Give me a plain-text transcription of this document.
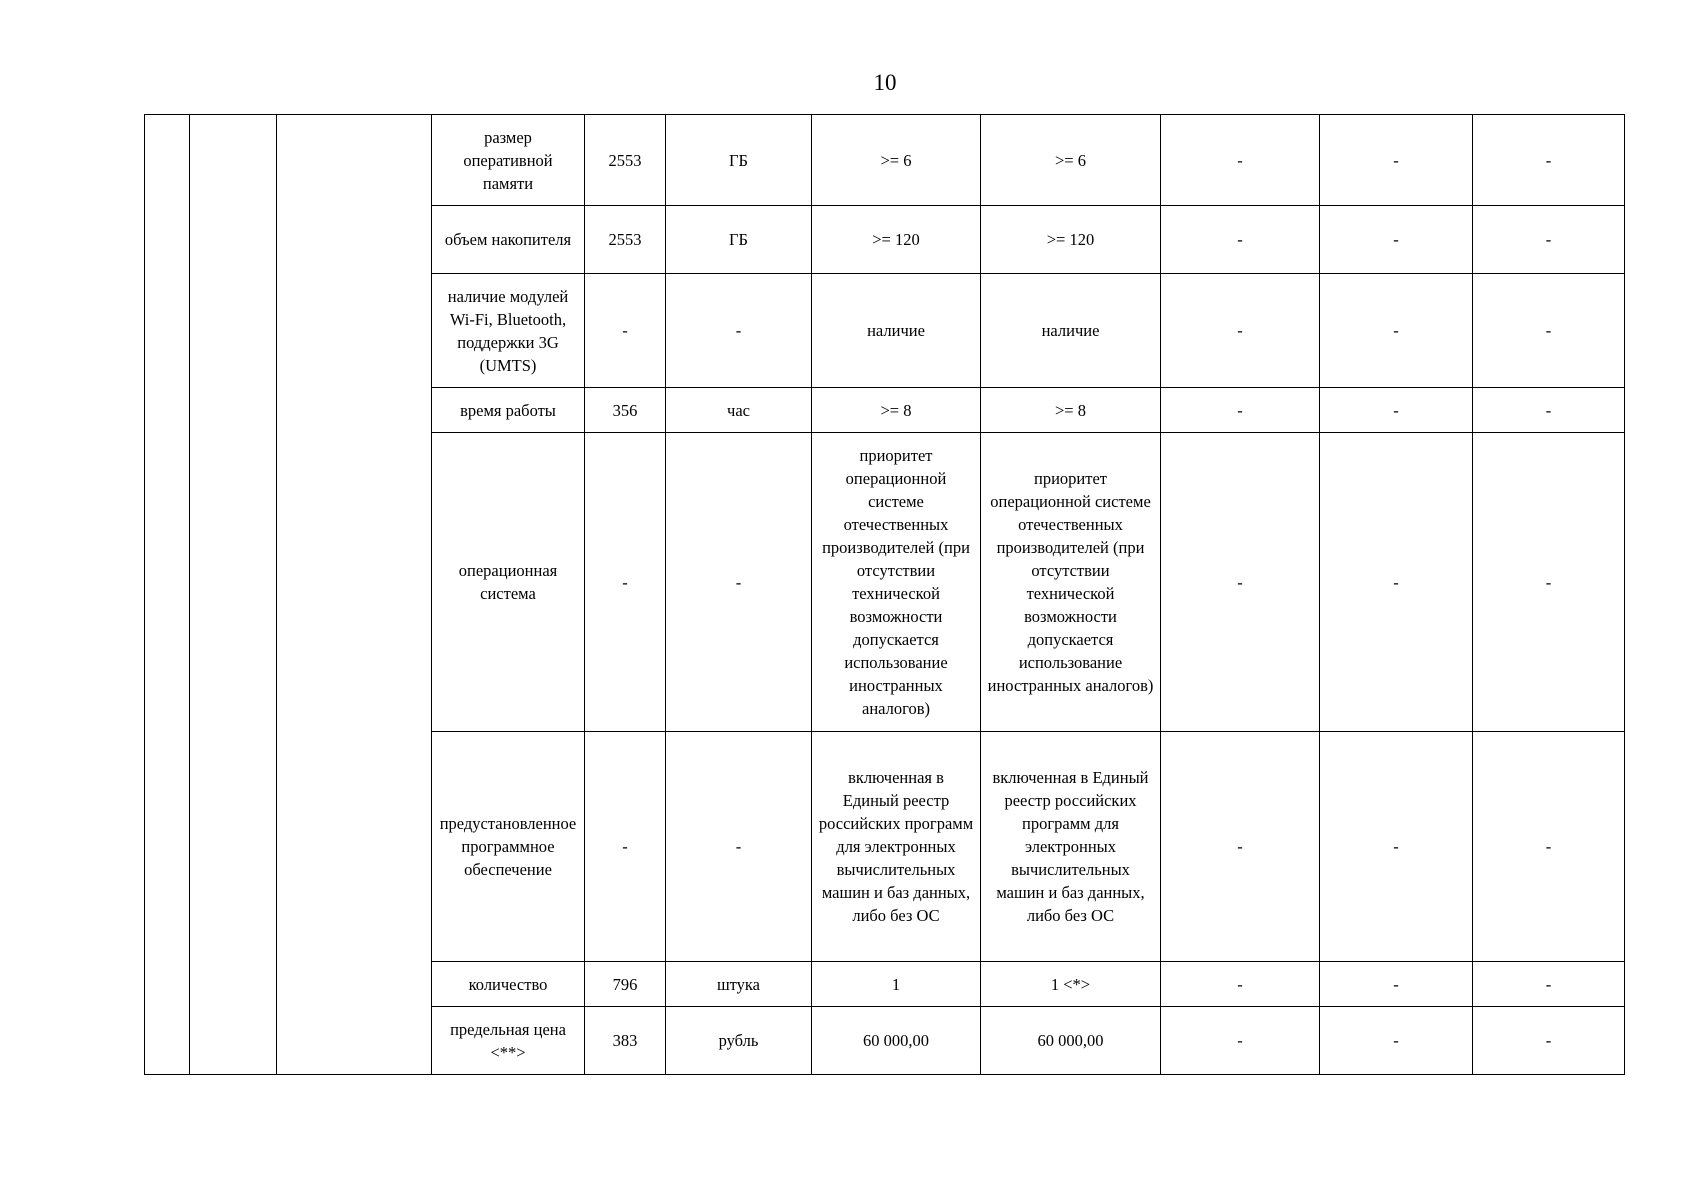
10
			размер оперативной памяти	2553	ГБ	>= 6	>= 6	-	-	-
			объем накопителя	2553	ГБ	>= 120	>= 120	-	-	-
			наличие модулей Wi-Fi, Bluetooth, поддержки 3G (UMTS)	-	-	наличие	наличие	-	-	-
			время работы	356	час	>= 8	>= 8	-	-	-
			операционная система	-	-	приоритет операционной системе отечественных производителей (при отсутствии технической возможности допускается использование иностранных аналогов)	приоритет операционной системе отечественных производителей (при отсутствии технической возможности допускается использование иностранных аналогов)	-	-	-
			предустановленное программное обеспечение	-	-	включенная в Единый реестр российских программ для электронных вычислительных машин и баз данных, либо без ОС	включенная в Единый реестр российских программ для электронных вычислительных машин и баз данных, либо без ОС	-	-	-
			количество	796	штука	1	1 <*>	-	-	-
			предельная цена <**>	383	рубль	60 000,00	60 000,00	-	-	-
